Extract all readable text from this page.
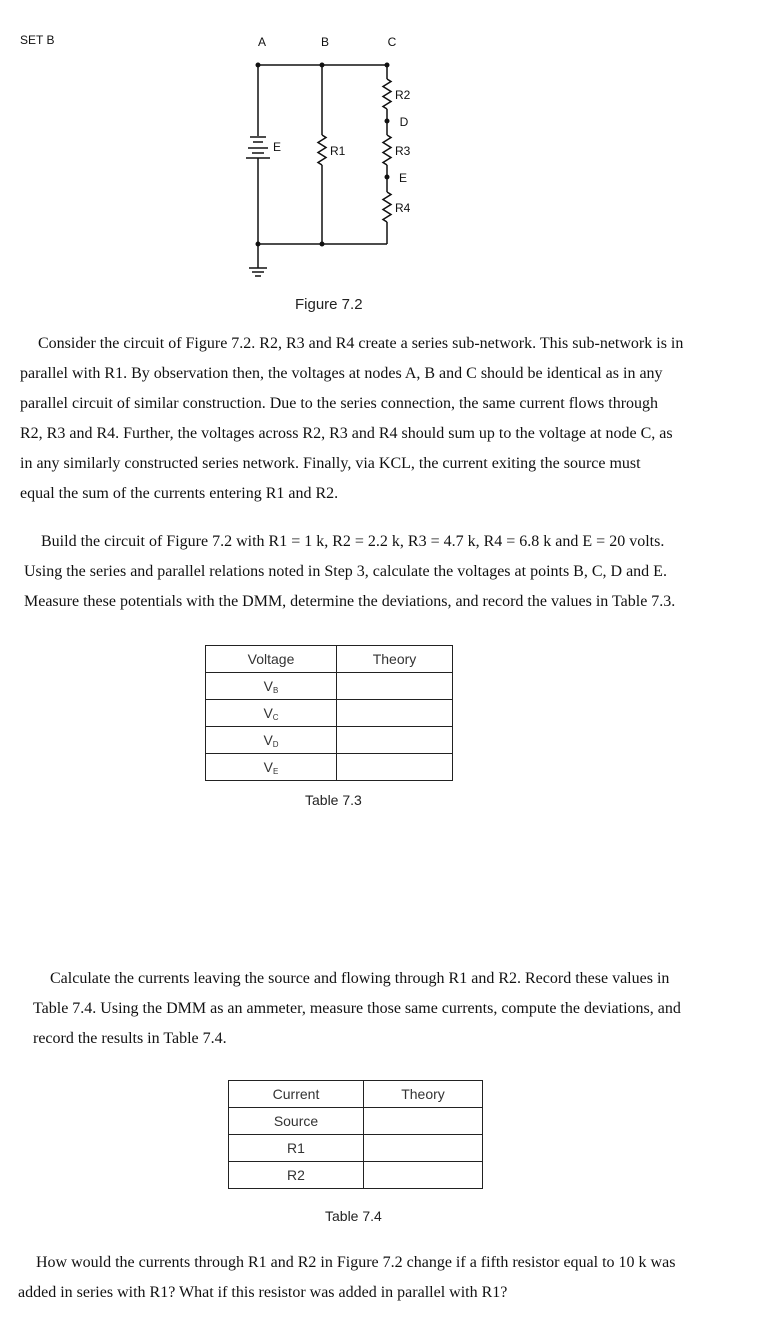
SET B	A	B	C
E	R1
R2
D
R3
E
R4
Figure 7.2
Consider the circuit of Figure 7.2. R2, R3 and R4 create a series sub-network. This sub-network is in
parallel with R1. By observation then, the voltages at nodes A, B and C should be identical as in any
parallel circuit of similar construction. Due to the series connection, the same current flows through
R2, R3 and R4. Further, the voltages across R2, R3 and R4 should sum up to the voltage at node C, as
in any similarly constructed series network. Finally, via KCL, the current exiting the source must
equal the sum of the currents entering R1 and R2.
Build the circuit of Figure 7.2 with R1 = 1 k, R2 = 2.2 k, R3 = 4.7 k, R4 = 6.8 k and E = 20 volts.
Using the series and parallel relations noted in Step 3, calculate the voltages at points B, C, D and E.
Measure these potentials with the DMM, determine the deviations, and record the values in Table 7.3.
Voltage	Theory
$V_B$	
$V_C$	
$V_D$	
$V_E$	
Table 7.3
Calculate the currents leaving the source and flowing through R1 and R2. Record these values in
Table 7.4. Using the DMM as an ammeter, measure those same currents, compute the deviations, and
record the results in Table 7.4.
Current	Theory
Source	
R1	
R2	
Table 7.4
How would the currents through R1 and R2 in Figure 7.2 change if a fifth resistor equal to 10 k was
added in series with R1? What if this resistor was added in parallel with R1?
